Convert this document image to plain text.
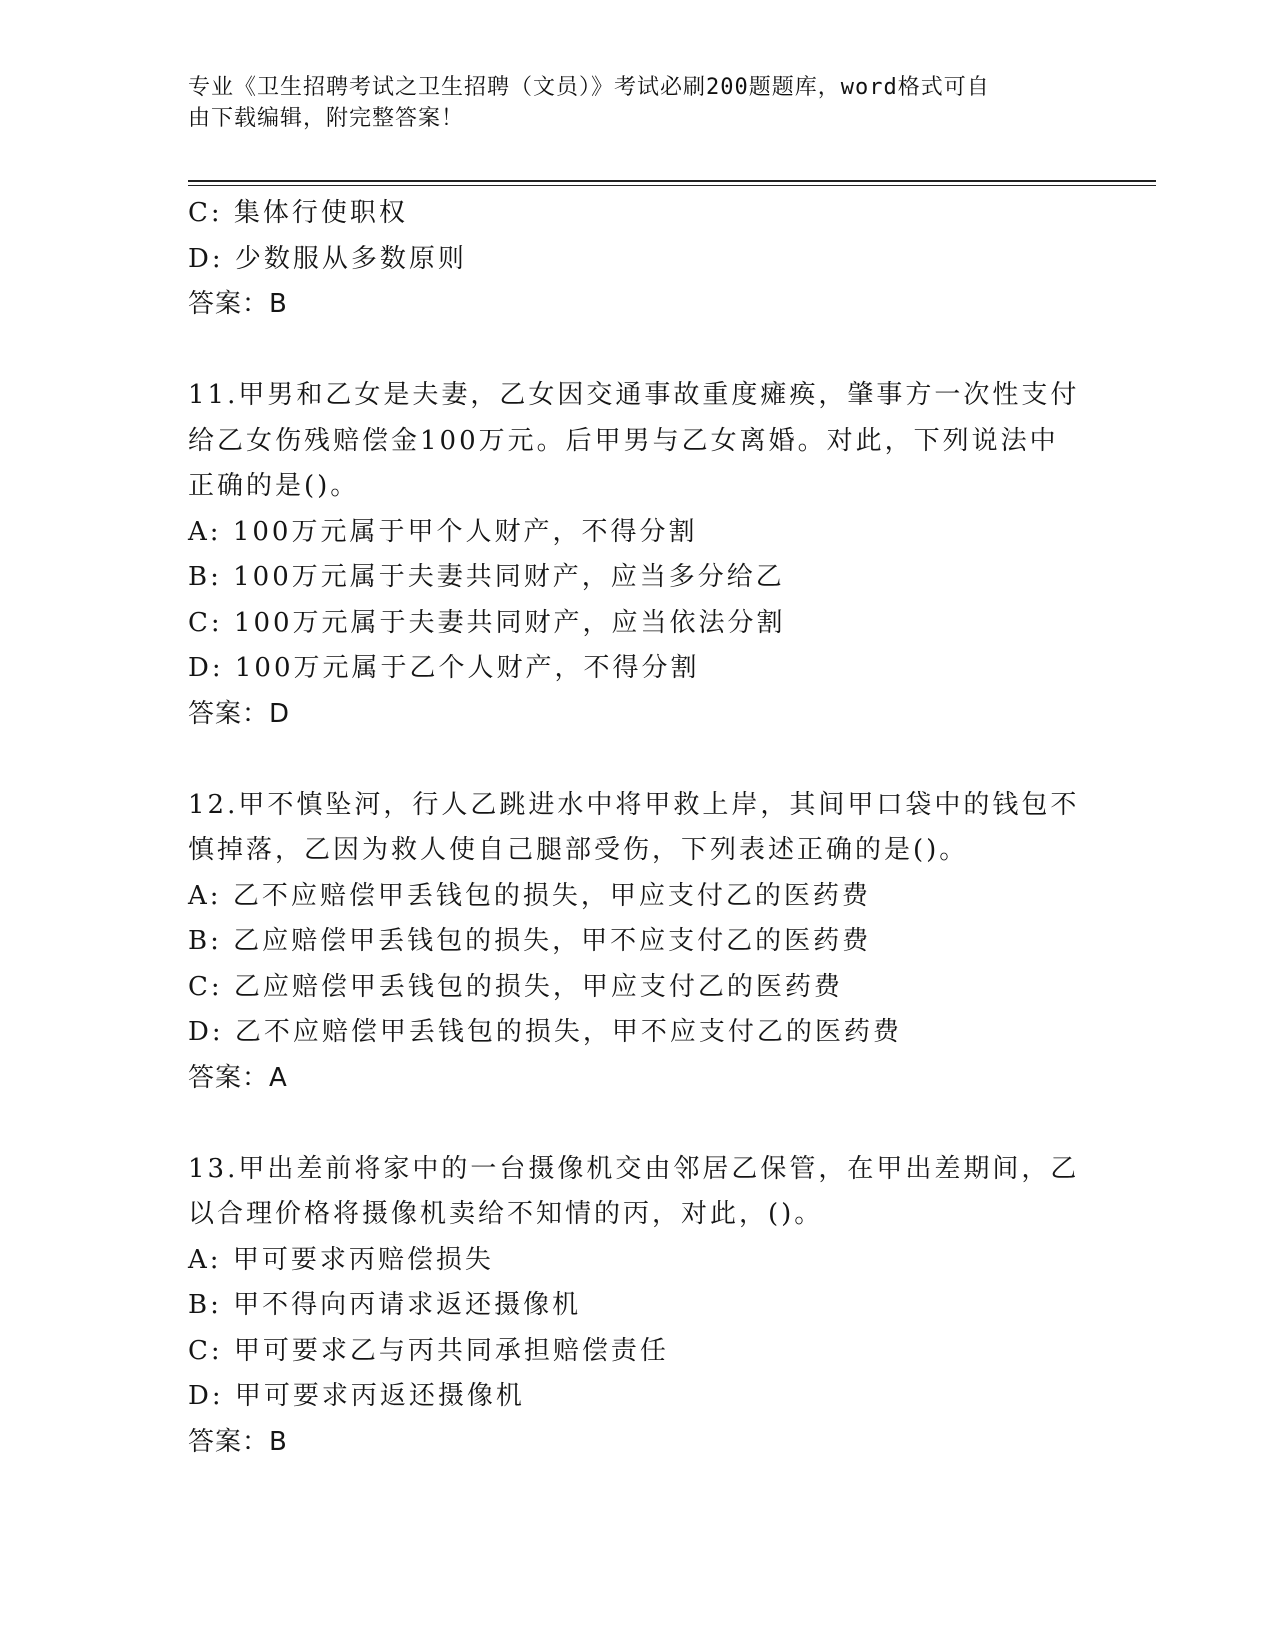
专业《卫生招聘考试之卫生招聘（文员）》考试必刷200题题库，word格式可自
由下载编辑，附完整答案！
C: 集体行使职权
D: 少数服从多数原则
答案：B
11.甲男和乙女是夫妻，乙女因交通事故重度瘫痪，肇事方一次性支付
给乙女伤残赔偿金100万元。后甲男与乙女离婚。对此，下列说法中
正确的是()。
A: 100万元属于甲个人财产，不得分割
B: 100万元属于夫妻共同财产，应当多分给乙
C: 100万元属于夫妻共同财产，应当依法分割
D: 100万元属于乙个人财产，不得分割
答案：D
12.甲不慎坠河，行人乙跳进水中将甲救上岸，其间甲口袋中的钱包不
慎掉落，乙因为救人使自己腿部受伤，下列表述正确的是()。
A: 乙不应赔偿甲丢钱包的损失，甲应支付乙的医药费
B: 乙应赔偿甲丢钱包的损失，甲不应支付乙的医药费
C: 乙应赔偿甲丢钱包的损失，甲应支付乙的医药费
D: 乙不应赔偿甲丢钱包的损失，甲不应支付乙的医药费
答案：A
13.甲出差前将家中的一台摄像机交由邻居乙保管，在甲出差期间，乙
以合理价格将摄像机卖给不知情的丙，对此，()。
A: 甲可要求丙赔偿损失
B: 甲不得向丙请求返还摄像机
C: 甲可要求乙与丙共同承担赔偿责任
D: 甲可要求丙返还摄像机
答案：B
